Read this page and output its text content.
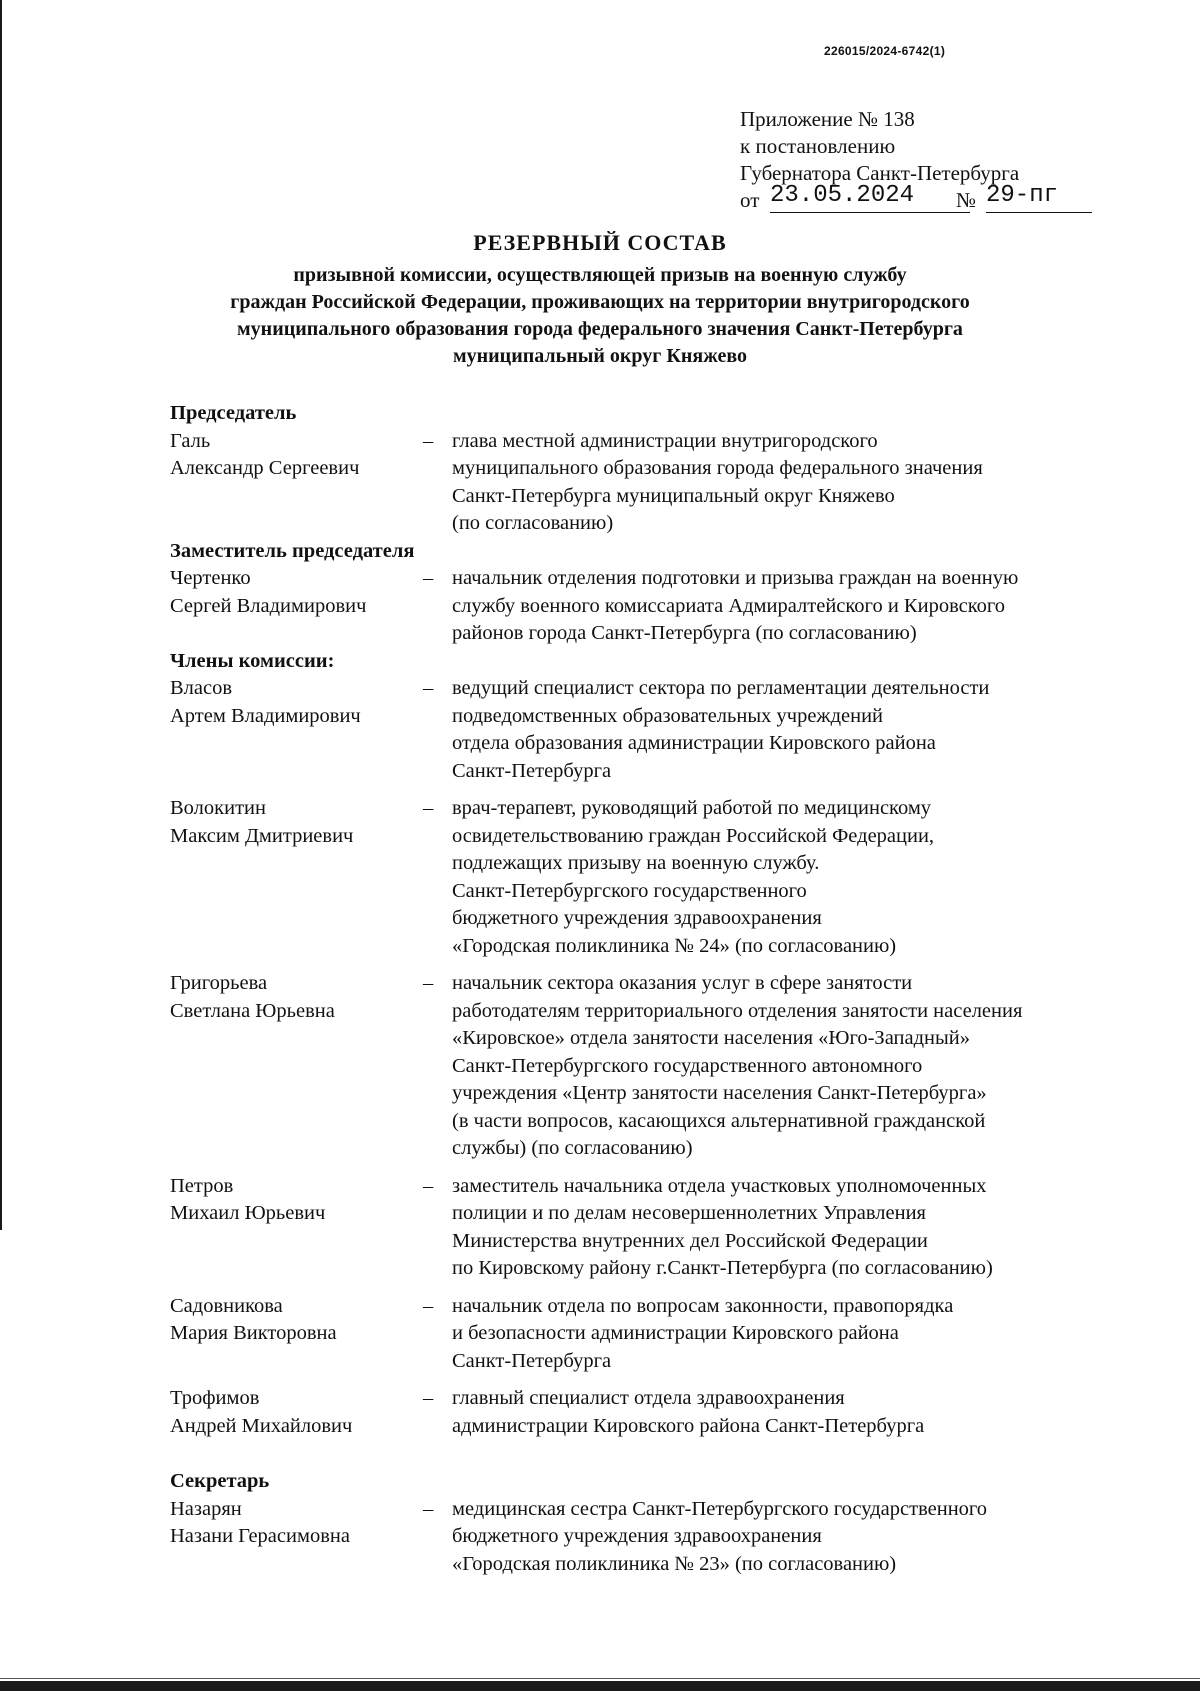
226015/2024-6742(1)
Приложение № 138
к постановлению
Губернатора Санкт-Петербурга
от 23.05.2024	№ 29-пг
РЕЗЕРВНЫЙ СОСТАВ
призывной комиссии, осуществляющей призыв на военную службу
граждан Российской Федерации, проживающих на территории внутригородского
муниципального образования города федерального значения Санкт-Петербурга
муниципальный округ Княжево
Председатель
Галь
Александр Сергеевич
– глава местной администрации внутригородского
муниципального образования города федерального значения
Санкт-Петербурга муниципальный округ Княжево
(по согласованию)
Заместитель председателя
Чертенко
Сергей Владимирович
– начальник отделения подготовки и призыва граждан на военную
службу военного комиссариата Адмиралтейского и Кировского
районов города Санкт-Петербурга (по согласованию)
Члены комиссии:
Власов
Артем Владимирович
– ведущий специалист сектора по регламентации деятельности
подведомственных образовательных учреждений
отдела образования администрации Кировского района
Санкт-Петербурга
Волокитин
Максим Дмитриевич
– врач-терапевт, руководящий работой по медицинскому
освидетельствованию граждан Российской Федерации,
подлежащих призыву на военную службу.
Санкт-Петербургского государственного
бюджетного учреждения здравоохранения
«Городская поликлиника № 24» (по согласованию)
Григорьева
Светлана Юрьевна
– начальник сектора оказания услуг в сфере занятости
работодателям территориального отделения занятости населения
«Кировское» отдела занятости населения «Юго-Западный»
Санкт-Петербургского государственного автономного
учреждения «Центр занятости населения Санкт-Петербурга»
(в части вопросов, касающихся альтернативной гражданской
службы) (по согласованию)
Петров
Михаил Юрьевич
– заместитель начальника отдела участковых уполномоченных
полиции и по делам несовершеннолетних Управления
Министерства внутренних дел Российской Федерации
по Кировскому району г.Санкт-Петербурга (по согласованию)
Садовникова
Мария Викторовна
– начальник отдела по вопросам законности, правопорядка
и безопасности администрации Кировского района
Санкт-Петербурга
Трофимов
Андрей Михайлович
– главный специалист отдела здравоохранения
администрации Кировского района Санкт-Петербурга
Секретарь
Назарян
Назани Герасимовна
– медицинская сестра Санкт-Петербургского государственного
бюджетного учреждения здравоохранения
«Городская поликлиника № 23» (по согласованию)
